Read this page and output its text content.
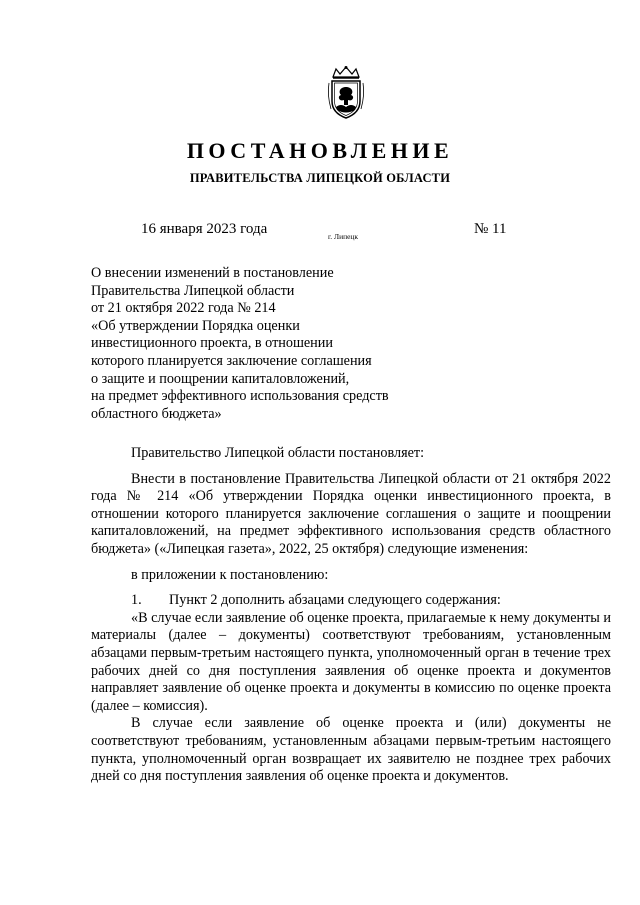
ПОСТАНОВЛЕНИЕ
ПРАВИТЕЛЬСТВА ЛИПЕЦКОЙ ОБЛАСТИ
16 января 2023 года	г. Липецк	№ 11
О внесении изменений в постановление
Правительства Липецкой области
от 21 октября 2022 года № 214
«Об утверждении Порядка оценки
инвестиционного проекта, в отношении
которого планируется заключение соглашения
о защите и поощрении капиталовложений,
на предмет эффективного использования средств
областного бюджета»

Правительство Липецкой области постановляет:

Внести в постановление Правительства Липецкой области от 21 октября 2022 года № 214 «Об утверждении Порядка оценки инвестиционного проекта, в отношении которого планируется заключение соглашения о защите и поощрении капиталовложений, на предмет эффективного использования средств областного бюджета» («Липецкая газета», 2022, 25 октября) следующие изменения:

в приложении к постановлению:

1.	Пункт 2 дополнить абзацами следующего содержания:

«В случае если заявление об оценке проекта, прилагаемые к нему документы и материалы (далее – документы) соответствуют требованиям, установленным абзацами первым-третьим настоящего пункта, уполномоченный орган в течение трех рабочих дней со дня поступления заявления об оценке проекта и документов направляет заявление об оценке проекта и документы в комиссию по оценке проекта (далее – комиссия).

В случае если заявление об оценке проекта и (или) документы не соответствуют требованиям, установленным абзацами первым-третьим настоящего пункта, уполномоченный орган возвращает их заявителю не позднее трех рабочих дней со дня поступления заявления об оценке проекта и документов.
